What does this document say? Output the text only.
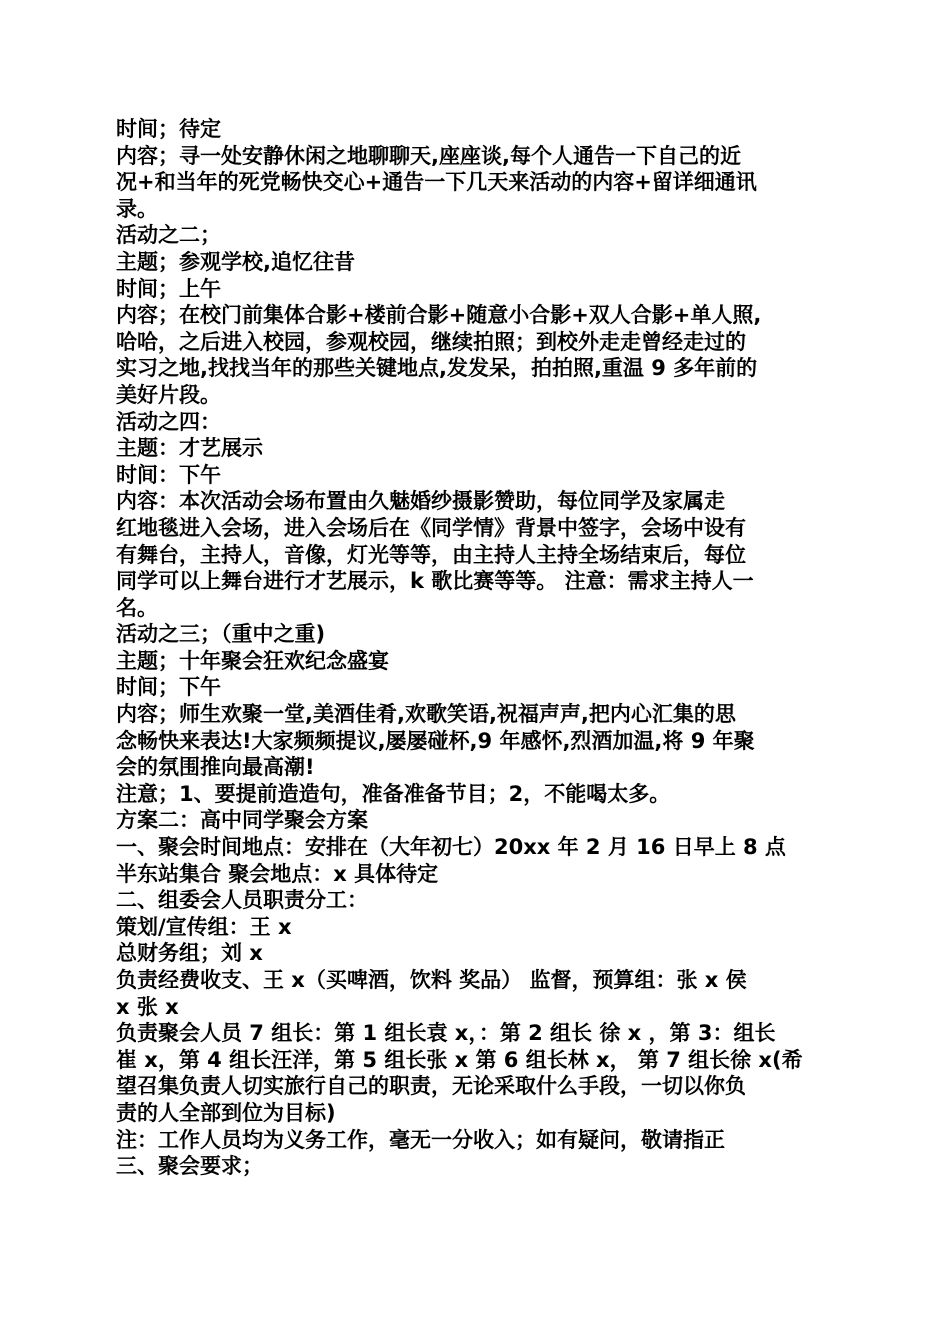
时间；待定

内容；寻一处安静休闲之地聊聊天,座座谈,每个人通告一下自己的近

况+和当年的死党畅快交心+通告一下几天来活动的内容+留详细通讯

录。

活动之二；

主题；参观学校,追忆往昔

时间；上午

内容；在校门前集体合影+楼前合影+随意小合影+双人合影+单人照,

哈哈，之后进入校园，参观校园，继续拍照；到校外走走曾经走过的

实习之地,找找当年的那些关键地点,发发呆，拍拍照,重温 9 多年前的

美好片段。

活动之四：

主题：才艺展示

时间：下午

内容：本次活动会场布置由久魅婚纱摄影赞助，每位同学及家属走

红地毯进入会场，进入会场后在《同学情》背景中签字，会场中设有

有舞台，主持人，音像，灯光等等，由主持人主持全场结束后，每位

同学可以上舞台进行才艺展示，k 歌比赛等等。 注意：需求主持人一

名。

活动之三；（重中之重)

主题；十年聚会狂欢纪念盛宴

时间；下午

内容；师生欢聚一堂,美酒佳肴,欢歌笑语,祝福声声,把内心汇集的思

念畅快来表达!大家频频提议,屡屡碰杯,9 年感怀,烈酒加温,将 9 年聚

会的氛围推向最高潮!

注意；1、要提前造造句，准备准备节目；2，不能喝太多。

方案二：高中同学聚会方案

一、聚会时间地点：安排在（大年初七）20xx 年 2 月 16 日早上 8 点

半东站集合 聚会地点：x 具体待定

二、组委会人员职责分工：

策划/宣传组：王 x

总财务组；刘 x

负责经费收支、王 x（买啤酒，饮料 奖品） 监督，预算组：张 x 侯

x 张 x

负责聚会人员 7 组长：第 1 组长袁 x，：第 2 组长 徐 x ，第 3：组长

崔 x，第 4 组长汪洋，第 5 组长张 x 第 6 组长林 x， 第 7 组长徐 x(希

望召集负责人切实旅行自己的职责，无论采取什么手段，一切以你负

责的人全部到位为目标)

注：工作人员均为义务工作，毫无一分收入；如有疑问，敬请指正

三、聚会要求；
